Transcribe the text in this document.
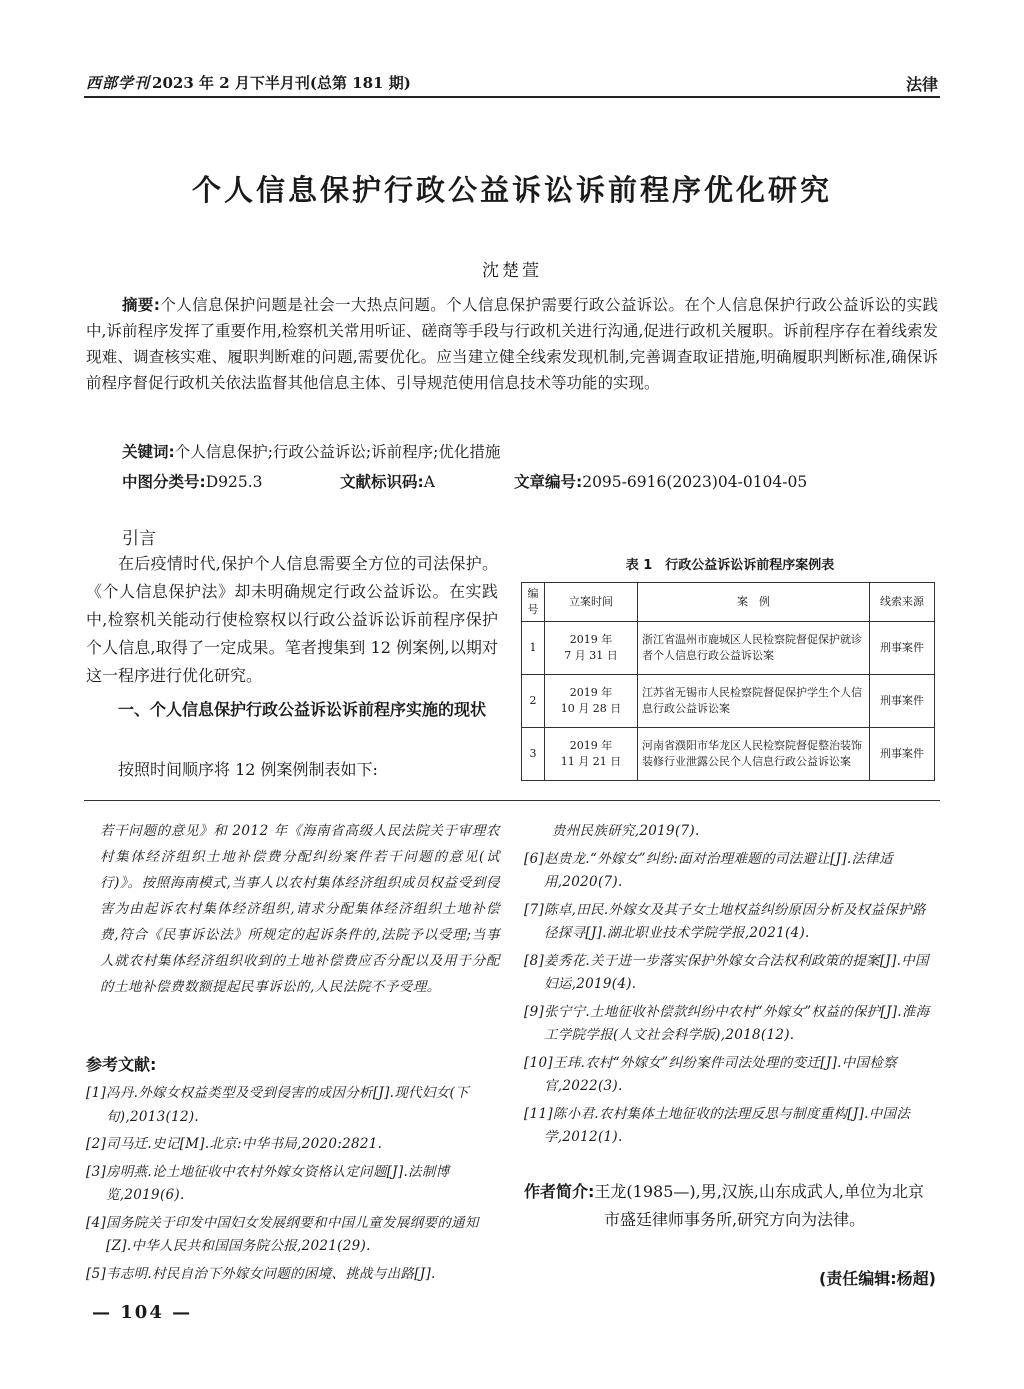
西部学刊 2023 年 2 月下半月刊(总第 181 期)	法律
个人信息保护行政公益诉讼诉前程序优化研究
沈楚萱
摘要:个人信息保护问题是社会一大热点问题。个人信息保护需要行政公益诉讼。在个人信息保护行政公益诉讼的实践中,诉前程序发挥了重要作用,检察机关常用听证、磋商等手段与行政机关进行沟通,促进行政机关履职。诉前程序存在着线索发现难、调查核实难、履职判断难的问题,需要优化。应当建立健全线索发现机制,完善调查取证措施,明确履职判断标准,确保诉前程序督促行政机关依法监督其他信息主体、引导规范使用信息技术等功能的实现。
关键词:个人信息保护;行政公益诉讼;诉前程序;优化措施
中图分类号:D925.3	文献标识码:A	文章编号:2095-6916(2023)04-0104-05
引言
在后疫情时代,保护个人信息需要全方位的司法保护。《个人信息保护法》却未明确规定行政公益诉讼。在实践中,检察机关能动行使检察权以行政公益诉讼诉前程序保护个人信息,取得了一定成果。笔者搜集到 12 例案例,以期对这一程序进行优化研究。
一、个人信息保护行政公益诉讼诉前程序实施的现状
按照时间顺序将 12 例案例制表如下:
表 1　行政公益诉讼诉前程序案例表
编号	立案时间	案　例	线索来源
1	2019 年
7 月 31 日	浙江省温州市鹿城区人民检察院督促保护就诊者个人信息行政公益诉讼案	刑事案件
2	2019 年
10 月 28 日	江苏省无锡市人民检察院督促保护学生个人信息行政公益诉讼案	刑事案件
3	2019 年
11 月 21 日	河南省濮阳市华龙区人民检察院督促整治装饰装修行业泄露公民个人信息行政公益诉讼案	刑事案件
若干问题的意见》和 2012 年《海南省高级人民法院关于审理农村集体经济组织土地补偿费分配纠纷案件若干问题的意见(试行)》。按照海南模式,当事人以农村集体经济组织成员权益受到侵害为由起诉农村集体经济组织,请求分配集体经济组织土地补偿费,符合《民事诉讼法》所规定的起诉条件的,法院予以受理;当事人就农村集体经济组织收到的土地补偿费应否分配以及用于分配的土地补偿费数额提起民事诉讼的,人民法院不予受理。
参考文献:
[1]冯丹.外嫁女权益类型及受到侵害的成因分析[J].现代妇女(下旬),2013(12).
[2]司马迁.史记[M].北京:中华书局,2020:2821.
[3]房明燕.论土地征收中农村外嫁女资格认定问题[J].法制博览,2019(6).
[4]国务院关于印发中国妇女发展纲要和中国儿童发展纲要的通知[Z].中华人民共和国国务院公报,2021(29).
[5]韦志明.村民自治下外嫁女问题的困境、挑战与出路[J].
贵州民族研究,2019(7).
[6]赵贵龙.“外嫁女”纠纷:面对治理难题的司法避让[J].法律适用,2020(7).
[7]陈卓,田民.外嫁女及其子女土地权益纠纷原因分析及权益保护路径探寻[J].湖北职业技术学院学报,2021(4).
[8]姜秀花.关于进一步落实保护外嫁女合法权利政策的提案[J].中国妇运,2019(4).
[9]张宁宁.土地征收补偿款纠纷中农村“外嫁女”权益的保护[J].淮海工学院学报(人文社会科学版),2018(12).
[10]王玮.农村“外嫁女”纠纷案件司法处理的变迁[J].中国检察官,2022(3).
[11]陈小君.农村集体土地征收的法理反思与制度重构[J].中国法学,2012(1).
作者简介:王龙(1985—),男,汉族,山东成武人,单位为北京市盛廷律师事务所,研究方向为法律。
(责任编辑:杨超)
— 104 —
